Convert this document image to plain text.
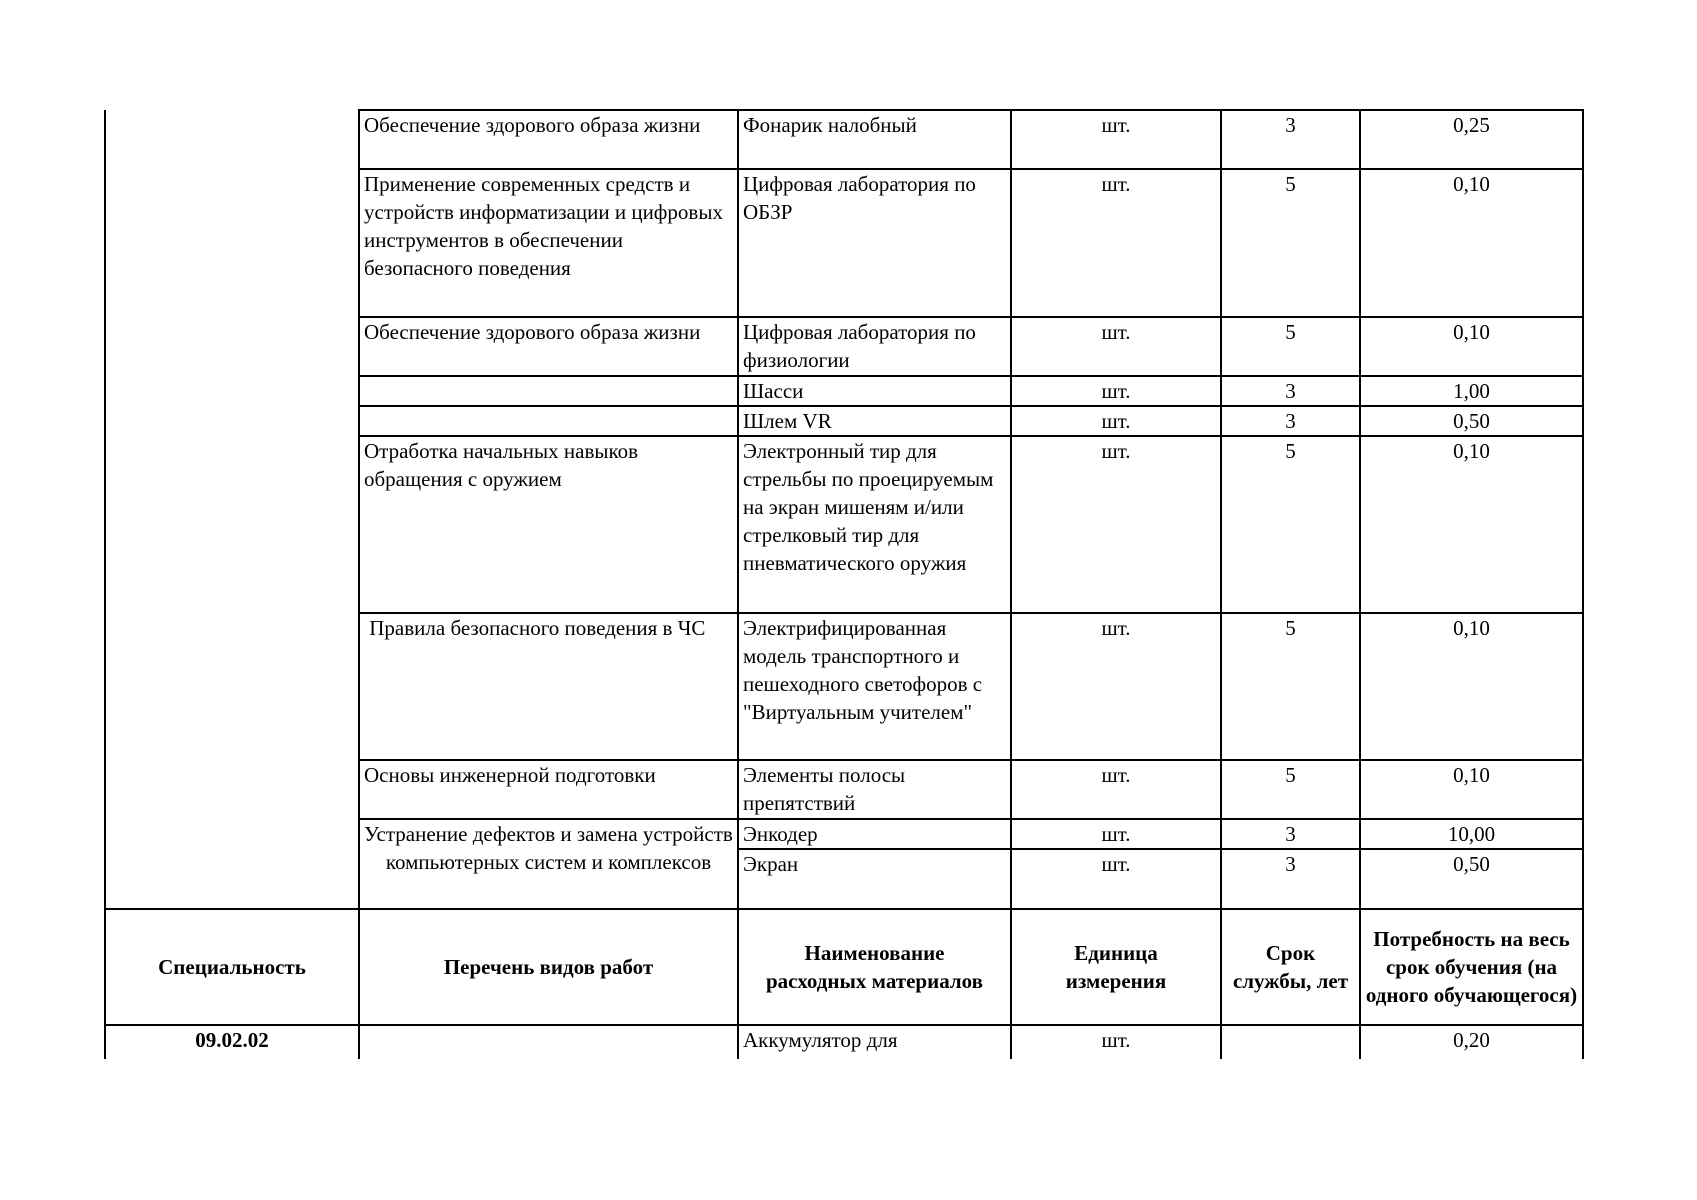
	Обеспечение здорового образа жизни	Фонарик налобный	шт.	3	0,25
	Применение современных средств и устройств информатизации и цифровых инструментов в обеспечении безопасного поведения	Цифровая лаборатория по ОБЗР	шт.	5	0,10
	Обеспечение здорового образа жизни	Цифровая лаборатория по физиологии	шт.	5	0,10
		Шасси	шт.	3	1,00
		Шлем VR	шт.	3	0,50
	Отработка начальных навыков обращения с оружием	Электронный тир для стрельбы по проецируемым на экран мишеням и/или стрелковый тир для пневматического оружия	шт.	5	0,10
	Правила безопасного поведения в ЧС	Электрифицированная модель транспортного и пешеходного светофоров с "Виртуальным учителем"	шт.	5	0,10
	Основы инженерной подготовки	Элементы полосы препятствий	шт.	5	0,10
	Устранение дефектов и замена устройств компьютерных систем и комплексов	Энкодер	шт.	3	10,00
		Экран	шт.	3	0,50
Специальность	Перечень видов работ	Наименование расходных материалов	Единица измерения	Срок службы, лет	Потребность на весь срок обучения (на одного обучающегося)
09.02.02		Аккумулятор для	шт.		0,20
